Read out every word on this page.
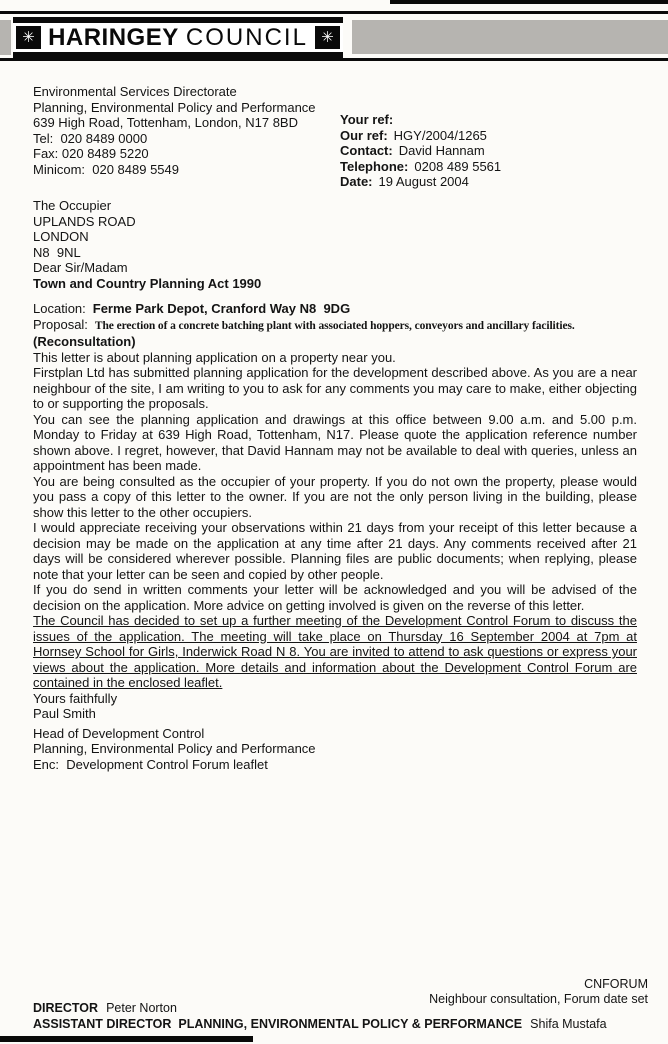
✳ HARINGEY COUNCIL ✳
Environmental Services Directorate
Planning, Environmental Policy and Performance
639 High Road, Tottenham, London, N17 8BD
Tel:  020 8489 0000
Fax: 020 8489 5220
Minicom:  020 8489 5549
Your ref:
Our ref: HGY/2004/1265
Contact: David Hannam
Telephone: 0208 489 5561
Date: 19 August 2004
The Occupier
UPLANDS ROAD
LONDON
N8  9NL

Dear Sir/Madam

Town and Country Planning Act 1990

Location: Ferme Park Depot, Cranford Way N8  9DG
Proposal: The erection of a concrete batching plant with associated hoppers, conveyors and ancillary facilities.
(Reconsultation)

This letter is about planning application on a property near you.

Firstplan Ltd has submitted planning application for the development described above. As you are a near neighbour of the site, I am writing to you to ask for any comments you may care to make, either objecting to or supporting the proposals.

You can see the planning application and drawings at this office between 9.00 a.m. and 5.00 p.m. Monday to Friday at 639 High Road, Tottenham, N17. Please quote the application reference number shown above. I regret, however, that David Hannam may not be available to deal with queries, unless an appointment has been made.

You are being consulted as the occupier of your property. If you do not own the property, please would you pass a copy of this letter to the owner. If you are not the only person living in the building, please show this letter to the other occupiers.

I would appreciate receiving your observations within 21 days from your receipt of this letter because a decision may be made on the application at any time after 21 days. Any comments received after 21 days will be considered wherever possible. Planning files are public documents; when replying, please note that your letter can be seen and copied by other people.

If you do send in written comments your letter will be acknowledged and you will be advised of the decision on the application. More advice on getting involved is given on the reverse of this letter.

The Council has decided to set up a further meeting of the Development Control Forum to discuss the issues of the application. The meeting will take place on Thursday 16 September 2004 at 7pm at Hornsey School for Girls, Inderwick Road N 8. You are invited to attend to ask questions or express your views about the application. More details and information about the Development Control Forum are contained in the enclosed leaflet.

Yours faithfully

Paul Smith

Head of Development Control
Planning, Environmental Policy and Performance
Enc:  Development Control Forum leaflet
CNFORUM
Neighbour consultation, Forum date set
DIRECTOR Peter Norton
ASSISTANT DIRECTOR  PLANNING, ENVIRONMENTAL POLICY & PERFORMANCE Shifa Mustafa
